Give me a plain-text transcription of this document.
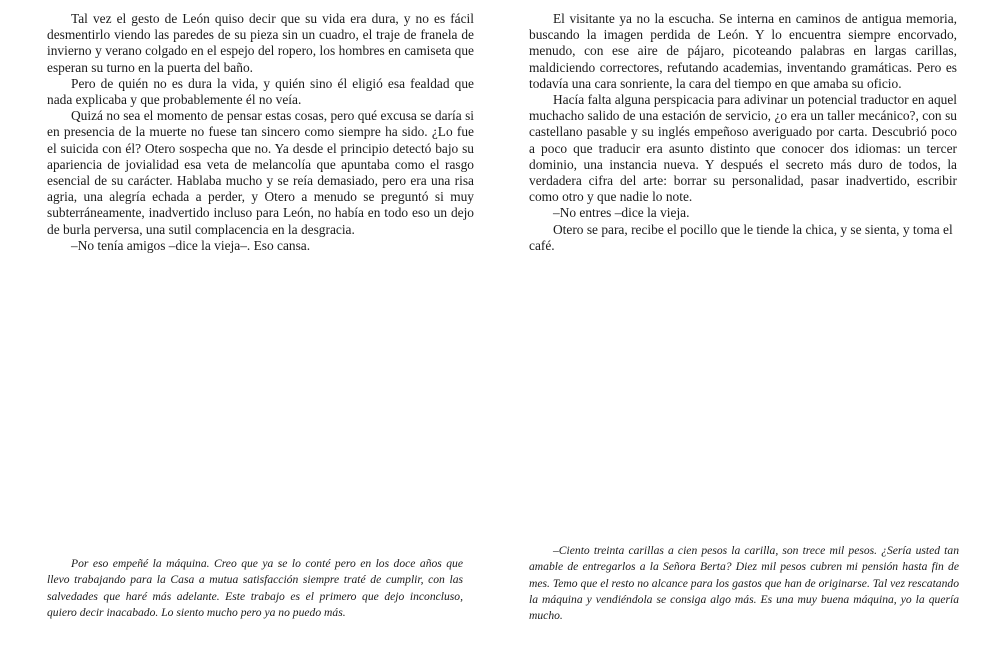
Tal vez el gesto de León quiso decir que su vida era dura, y no es fácil desmentirlo viendo las paredes de su pieza sin un cuadro, el traje de franela de invierno y verano colgado en el espejo del ropero, los hombres en camiseta que esperan su turno en la puerta del baño.

Pero de quién no es dura la vida, y quién sino él eligió esa fealdad que nada explicaba y que probablemente él no veía.

Quizá no sea el momento de pensar estas cosas, pero qué excusa se daría si en presencia de la muerte no fuese tan sincero como siempre ha sido. ¿Lo fue el suicida con él? Otero sospecha que no. Ya desde el principio detectó bajo su apariencia de jovialidad esa veta de melancolía que apuntaba como el rasgo esencial de su carácter. Hablaba mucho y se reía demasiado, pero era una risa agria, una alegría echada a perder, y Otero a menudo se preguntó si muy subterráneamente, inadvertido incluso para León, no había en todo eso un dejo de burla perversa, una sutil complacencia en la desgracia.

–No tenía amigos –dice la vieja–. Eso cansa.

El visitante ya no la escucha. Se interna en caminos de antigua memoria, buscando la imagen perdida de León. Y lo encuentra siempre encorvado, menudo, con ese aire de pájaro, picoteando palabras en largas carillas, maldiciendo correctores, refutando academias, inventando gramáticas. Pero es todavía una cara sonriente, la cara del tiempo en que amaba su oficio.

Hacía falta alguna perspicacia para adivinar un potencial traductor en aquel muchacho salido de una estación de servicio, ¿o era un taller mecánico?, con su castellano pasable y su inglés empeñoso averiguado por carta. Descubrió poco a poco que traducir era asunto distinto que conocer dos idiomas: un tercer dominio, una instancia nueva. Y después el secreto más duro de todos, la verdadera cifra del arte: borrar su personalidad, pasar inadvertido, escribir como otro y que nadie lo note.

–No entres –dice la vieja.

Otero se para, recibe el pocillo que le tiende la chica, y se sienta, y toma el café.

Por eso empeñé la máquina. Creo que ya se lo conté pero en los doce años que llevo trabajando para la Casa a mutua satisfacción siempre traté de cumplir, con las salvedades que haré más adelante. Este trabajo es el primero que dejo inconcluso, quiero decir inacabado. Lo siento mucho pero ya no puedo más.

–Ciento treinta carillas a cien pesos la carilla, son trece mil pesos. ¿Sería usted tan amable de entregarlos a la Señora Berta? Diez mil pesos cubren mi pensión hasta fin de mes. Temo que el resto no alcance para los gastos que han de originarse. Tal vez rescatando la máquina y vendiéndola se consiga algo más. Es una muy buena máquina, yo la quería mucho.
